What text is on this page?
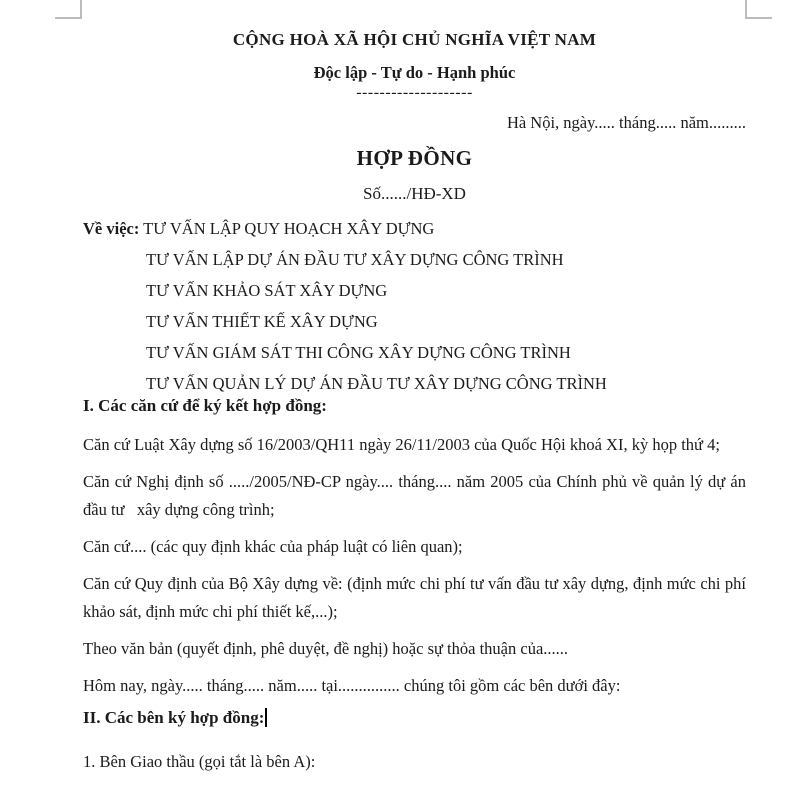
CỘNG HOÀ XÃ HỘI CHỦ NGHĨA VIỆT NAM
Độc lập - Tự do - Hạnh phúc
--------------------
Hà Nội, ngày..... tháng..... năm.........
HỢP ĐỒNG
Số....../HĐ-XD
Về việc: TƯ VẤN LẬP QUY HOẠCH XÂY DỰNG
TƯ VẤN LẬP DỰ ÁN ĐẦU TƯ XÂY DỰNG CÔNG TRÌNH
TƯ VẤN KHẢO SÁT XÂY DỰNG
TƯ VẤN THIẾT KẾ XÂY DỰNG
TƯ VẤN GIÁM SÁT THI CÔNG XÂY DỰNG CÔNG TRÌNH
TƯ VẤN QUẢN LÝ DỰ ÁN ĐẦU TƯ XÂY DỰNG CÔNG TRÌNH
I. Các căn cứ để ký kết hợp đồng:

Căn cứ Luật Xây dựng số 16/2003/QH11 ngày 26/11/2003 của Quốc Hội khoá XI, kỳ họp thứ 4;

Căn cứ Nghị định số ...../2005/NĐ-CP ngày.... tháng.... năm 2005 của Chính phủ về quản lý dự án đầu tư   xây dựng công trình;

Căn cứ.... (các quy định khác của pháp luật có liên quan);

Căn cứ Quy định của Bộ Xây dựng về: (định mức chi phí tư vấn đầu tư xây dựng, định mức chi phí khảo sát, định mức chi phí thiết kế,...);

Theo văn bản (quyết định, phê duyệt, đề nghị) hoặc sự thỏa thuận của......

Hôm nay, ngày..... tháng..... năm..... tại............... chúng tôi gồm các bên dưới đây:

II. Các bên ký hợp đồng:

1. Bên Giao thầu (gọi tắt là bên A):
